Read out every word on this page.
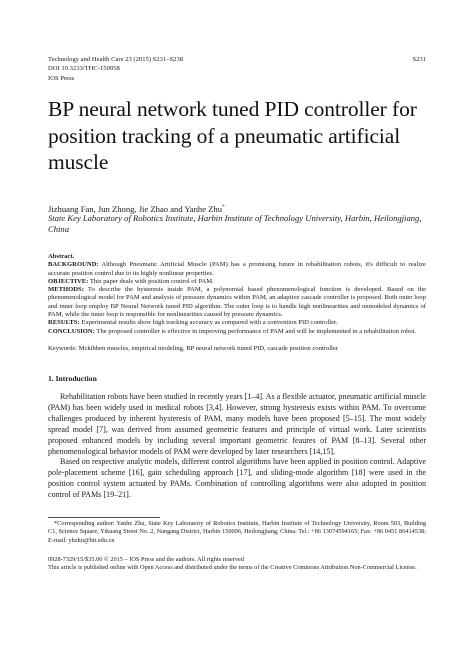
Technology and Health Care 23 (2015) S231–S238
DOI 10.3233/THC-150958
IOS Press
S231
BP neural network tuned PID controller for position tracking of a pneumatic artificial muscle
Jizhuang Fan, Jun Zhong, Jie Zhao and Yanhe Zhu*
State Key Laboratory of Robotics Institute, Harbin Institute of Technology University, Harbin, Heilongjiang, China

Abstract.

BACKGROUND: Although Pneumatic Artificial Muscle (PAM) has a promising future in rehabilitation robots, it's difficult to realize accurate position control due to its highly nonlinear properties.

OBJECTIVE: This paper deals with position control of PAM.

METHODS: To describe the hysteresis inside PAM, a polynomial based phenomenological function is developed. Based on the phenomenological model for PAM and analysis of pressure dynamics within PAM, an adaptive cascade controller is proposed. Both outer loop and inner loop employ BP Neural Network tuned PID algorithm. The outer loop is to handle high nonlinearities and unmodeled dynamics of PAM, while the inner loop is responsible for nonlinearities caused by pressure dynamics.

RESULTS: Experimental results show high tracking accuracy as compared with a convention PID controller.

CONCLUSION: The proposed controller is effective in improving performance of PAM and will be implemented in a rehabilitation robot.

Keywords: Mckibben muscles, empirical modeling, BP neural network tuned PID, cascade position controller
1. Introduction

Rehabilitation robots have been studied in recently years [1–4]. As a flexible actuator, pneumatic artificial muscle (PAM) has been widely used in medical robots [3,4]. However, strong hysteresis exists within PAM. To overcome challenges produced by inherent hysteresis of PAM, many models have been proposed [5–15]. The most widely spread model [7], was derived from assumed geometric features and principle of virtual work. Later scientists proposed enhanced models by including several important geometric feaures of PAM [8–13]. Several other phenomenological behavior models of PAM were developed by later researchers [14,15].

Based on respective analytic models, different control algorithms have been applied in position control. Adaptive pole-placement scheme [16], gain scheduling approach [17], and sliding-mode algorithm [18] were used in the position control system actuated by PAMs. Combination of controlling algorithms were also adopted in position control of PAMs [19–21].

*Corresponding author: Yanhe Zhu, State Key Laboratory of Robotics Institute, Harbin Institute of Technology University, Room 503, Building C1, Science Square, Yikuang Street No. 2, Nangang District, Harbin 150006, Heilongjiang, China. Tel.: +86 13074594165; Fax: +86 0451 86414538; E-mail: yhzhu@hit.edu.cn

0928-7329/15/$35.00 © 2015 – IOS Press and the authors. All rights reserved
This article is published online with Open Access and distributed under the terms of the Creative Commons Attribution Non-Commercial License.
